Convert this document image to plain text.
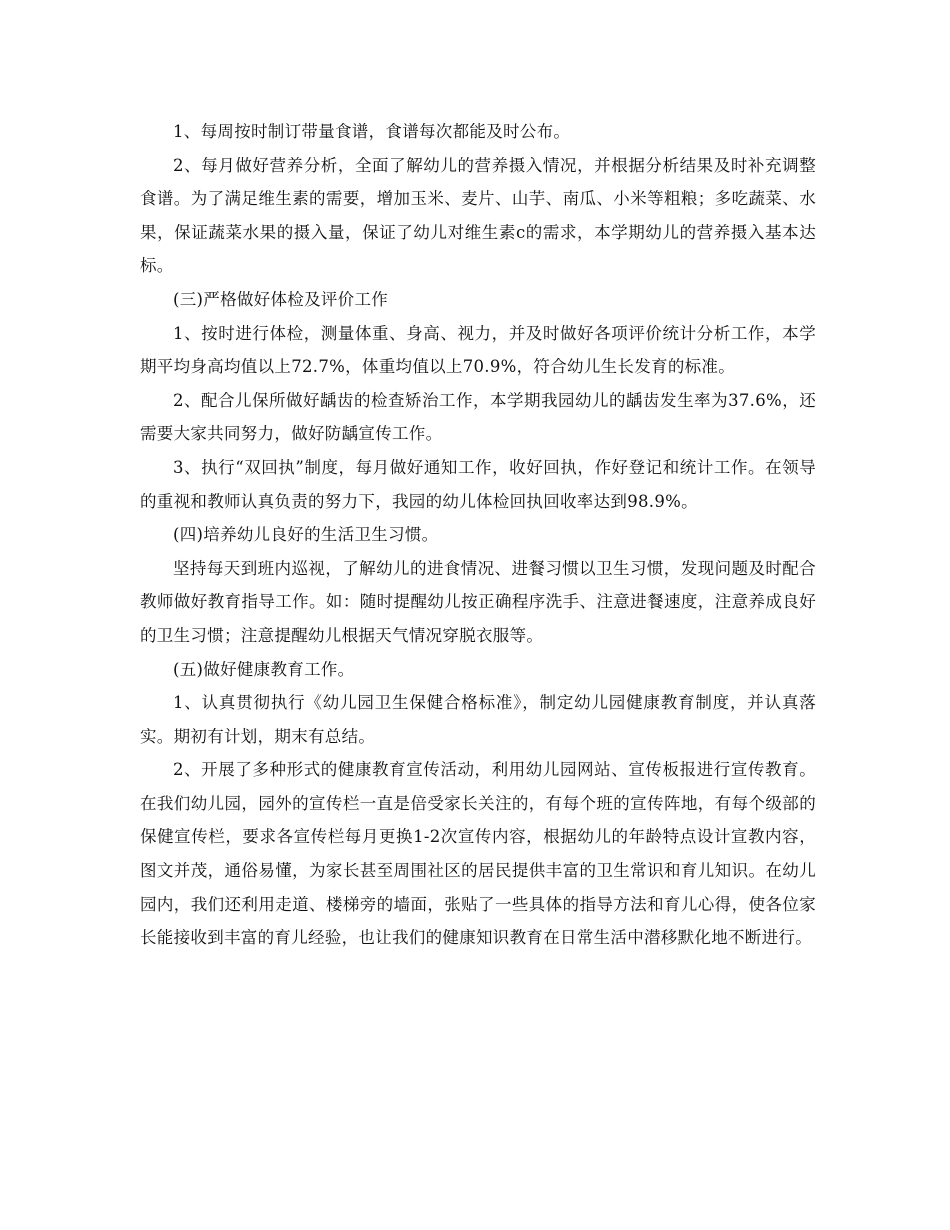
1、每周按时制订带量食谱，食谱每次都能及时公布。

2、每月做好营养分析，全面了解幼儿的营养摄入情况，并根据分析结果及时补充调整食谱。为了满足维生素的需要，增加玉米、麦片、山芋、南瓜、小米等粗粮；多吃蔬菜、水果，保证蔬菜水果的摄入量，保证了幼儿对维生素c的需求，本学期幼儿的营养摄入基本达标。

(三)严格做好体检及评价工作

1、按时进行体检，测量体重、身高、视力，并及时做好各项评价统计分析工作，本学期平均身高均值以上72.7%，体重均值以上70.9%，符合幼儿生长发育的标准。

2、配合儿保所做好龋齿的检查矫治工作，本学期我园幼儿的龋齿发生率为37.6%，还需要大家共同努力，做好防龋宣传工作。

3、执行“双回执”制度，每月做好通知工作，收好回执，作好登记和统计工作。在领导的重视和教师认真负责的努力下，我园的幼儿体检回执回收率达到98.9%。

(四)培养幼儿良好的生活卫生习惯。

坚持每天到班内巡视，了解幼儿的进食情况、进餐习惯以卫生习惯，发现问题及时配合教师做好教育指导工作。如：随时提醒幼儿按正确程序洗手、注意进餐速度，注意养成良好的卫生习惯；注意提醒幼儿根据天气情况穿脱衣服等。

(五)做好健康教育工作。

1、认真贯彻执行《幼儿园卫生保健合格标准》，制定幼儿园健康教育制度，并认真落实。期初有计划，期末有总结。

2、开展了多种形式的健康教育宣传活动，利用幼儿园网站、宣传板报进行宣传教育。在我们幼儿园，园外的宣传栏一直是倍受家长关注的，有每个班的宣传阵地，有每个级部的保健宣传栏，要求各宣传栏每月更换1-2次宣传内容，根据幼儿的年龄特点设计宣教内容，图文并茂，通俗易懂，为家长甚至周围社区的居民提供丰富的卫生常识和育儿知识。在幼儿园内，我们还利用走道、楼梯旁的墙面，张贴了一些具体的指导方法和育儿心得，使各位家长能接收到丰富的育儿经验，也让我们的健康知识教育在日常生活中潜移默化地不断进行。
